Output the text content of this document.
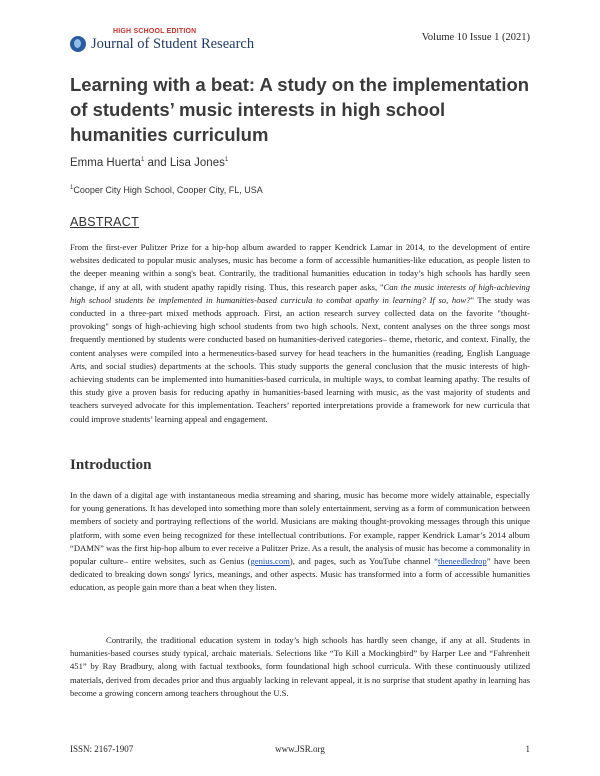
HIGH SCHOOL EDITION
Journal of Student Research	Volume 10 Issue 1 (2021)
Learning with a beat: A study on the implementation of students’ music interests in high school humanities curriculum
Emma Huerta$^1$ and Lisa Jones$^1$
$^1$Cooper City High School, Cooper City, FL, USA
ABSTRACT

From the first-ever Pulitzer Prize for a hip-hop album awarded to rapper Kendrick Lamar in 2014, to the development of entire websites dedicated to popular music analyses, music has become a form of accessible humanities-like education, as people listen to the deeper meaning within a song's beat. Contrarily, the traditional humanities education in today’s high schools has hardly seen change, if any at all, with student apathy rapidly rising. Thus, this research paper asks, "Can the music interests of high-achieving high school students be implemented in humanities-based curricula to combat apathy in learning? If so, how?" The study was conducted in a three-part mixed methods approach. First, an action research survey collected data on the favorite "thought-provoking" songs of high-achieving high school students from two high schools. Next, content analyses on the three songs most frequently mentioned by students were conducted based on humanities-derived categories– theme, rhetoric, and context. Finally, the content analyses were compiled into a hermeneutics-based survey for head teachers in the humanities (reading, English Language Arts, and social studies) departments at the schools. This study supports the general conclusion that the music interests of high-achieving students can be implemented into humanities-based curricula, in multiple ways, to combat learning apathy. The results of this study give a proven basis for reducing apathy in humanities-based learning with music, as the vast majority of students and teachers surveyed advocate for this implementation. Teachers’ reported interpretations provide a framework for new curricula that could improve students’ learning appeal and engagement.

Introduction

In the dawn of a digital age with instantaneous media streaming and sharing, music has become more widely attainable, especially for young generations. It has developed into something more than solely entertainment, serving as a form of communication between members of society and portraying reflections of the world. Musicians are making thought-provoking messages through this unique platform, with some even being recognized for these intellectual contributions. For example, rapper Kendrick Lamar’s 2014 album “DAMN” was the first hip-hop album to ever receive a Pulitzer Prize. As a result, the analysis of music has become a commonality in popular culture– entire websites, such as Genius (genius.com), and pages, such as YouTube channel “theneedledrop” have been dedicated to breaking down songs' lyrics, meanings, and other aspects. Music has transformed into a form of accessible humanities education, as people gain more than a beat when they listen.

Contrarily, the traditional education system in today’s high schools has hardly seen change, if any at all. Students in humanities-based courses study typical, archaic materials. Selections like “To Kill a Mockingbird” by Harper Lee and “Fahrenheit 451” by Ray Bradbury, along with factual textbooks, form foundational high school curricula. With these continuously utilized materials, derived from decades prior and thus arguably lacking in relevant appeal, it is no surprise that student apathy in learning has become a growing concern among teachers throughout the U.S.

ISSN: 2167-1907	www.JSR.org	1
